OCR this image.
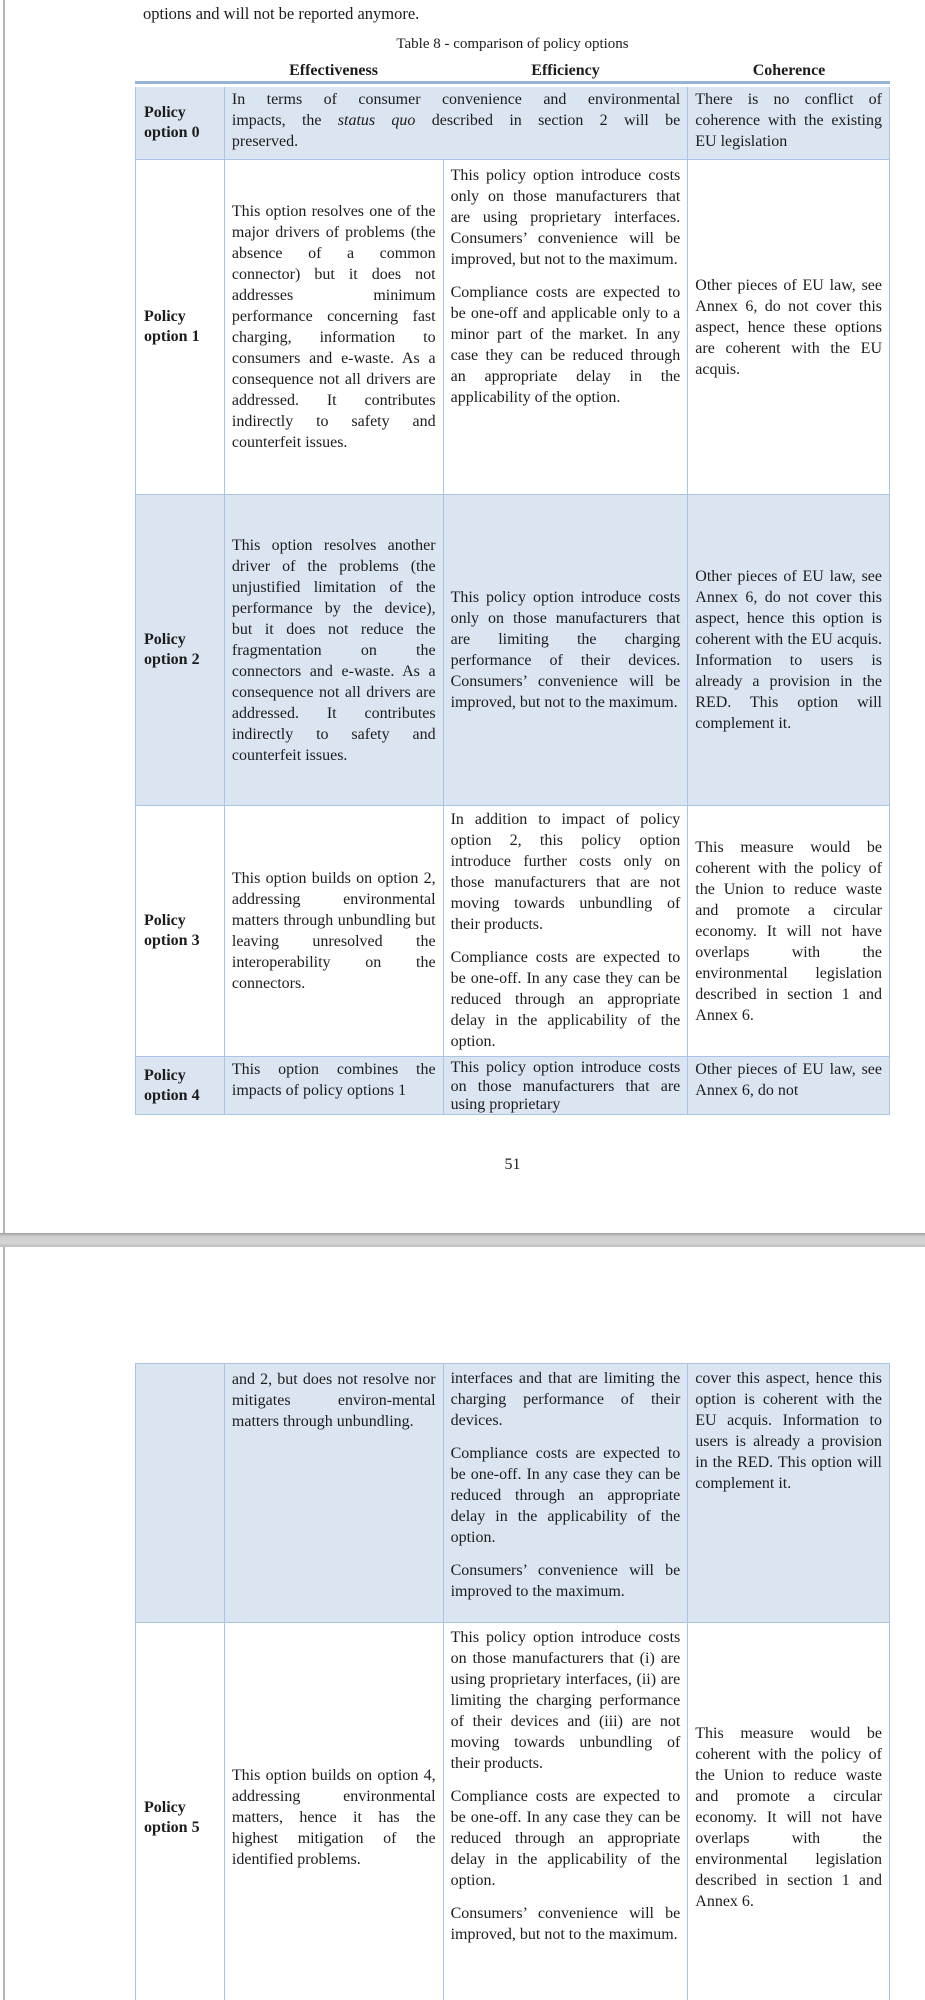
options and will not be reported anymore.
Table 8 - comparison of policy options
Effectiveness	Efficiency	Coherence
Policy option 0
In terms of consumer convenience and environmental impacts, the status quo described in section 2 will be preserved.
There is no conflict of coherence with the existing EU legislation
Policy option 1
This option resolves one of the major drivers of problems (the absence of a common connector) but it does not addresses minimum performance concerning fast charging, information to consumers and e-waste. As a consequence not all drivers are addressed. It contributes indirectly to safety and counterfeit issues.
This policy option introduce costs only on those manufacturers that are using proprietary interfaces. Consumers’ convenience will be improved, but not to the maximum.
Compliance costs are expected to be one-off and applicable only to a minor part of the market. In any case they can be reduced through an appropriate delay in the applicability of the option.
Other pieces of EU law, see Annex 6, do not cover this aspect, hence these options are coherent with the EU acquis.
Policy option 2
This option resolves another driver of the problems (the unjustified limitation of the performance by the device), but it does not reduce the fragmentation on the connectors and e-waste. As a consequence not all drivers are addressed. It contributes indirectly to safety and counterfeit issues.
This policy option introduce costs only on those manufacturers that are limiting the charging performance of their devices. Consumers’ convenience will be improved, but not to the maximum.
Other pieces of EU law, see Annex 6, do not cover this aspect, hence this option is coherent with the EU acquis. Information to users is already a provision in the RED. This option will complement it.
Policy option 3
This option builds on option 2, addressing environmental matters through unbundling but leaving unresolved the interoperability on the connectors.
In addition to impact of policy option 2, this policy option introduce further costs only on those manufacturers that are not moving towards unbundling of their products.
Compliance costs are expected to be one-off. In any case they can be reduced through an appropriate delay in the applicability of the option.
This measure would be coherent with the policy of the Union to reduce waste and promote a circular economy. It will not have overlaps with the environmental legislation described in section 1 and Annex 6.
Policy option 4
This option combines the impacts of policy options 1
This policy option introduce costs on those manufacturers that are using proprietary
Other pieces of EU law, see Annex 6, do not
51
and 2, but does not resolve nor mitigates environ-mental matters through unbundling.
interfaces and that are limiting the charging performance of their devices.
Compliance costs are expected to be one-off. In any case they can be reduced through an appropriate delay in the applicability of the option.
Consumers’ convenience will be improved to the maximum.
cover this aspect, hence this option is coherent with the EU acquis. Information to users is already a provision in the RED. This option will complement it.
Policy option 5
This option builds on option 4, addressing environmental matters, hence it has the highest mitigation of the identified problems.
This policy option introduce costs on those manufacturers that (i) are using proprietary interfaces, (ii) are limiting the charging performance of their devices and (iii) are not moving towards unbundling of their products.
Compliance costs are expected to be one-off. In any case they can be reduced through an appropriate delay in the applicability of the option.
Consumers’ convenience will be improved, but not to the maximum.
This measure would be coherent with the policy of the Union to reduce waste and promote a circular economy. It will not have overlaps with the environmental legislation described in section 1 and Annex 6.
